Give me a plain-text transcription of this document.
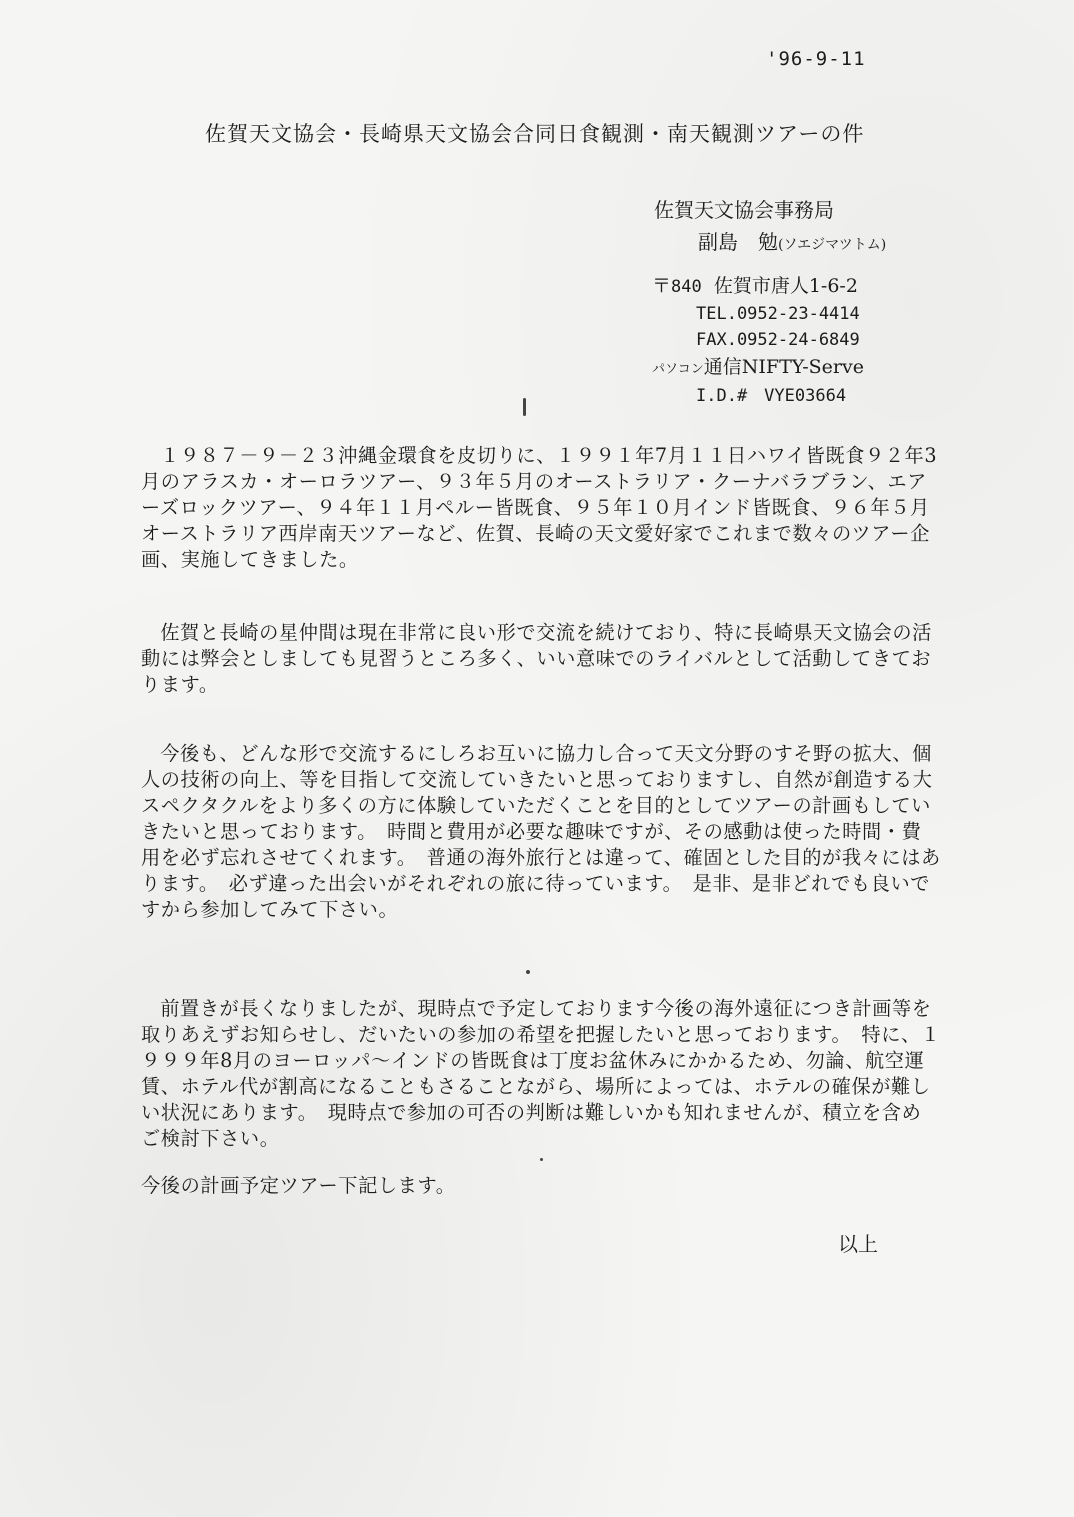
'96-9-11
佐賀天文協会・長崎県天文協会合同日食観測・南天観測ツアーの件
佐賀天文協会事務局
副島　勉(ソエジマツトム)
〒840 佐賀市唐人1-6-2
TEL.0952-23-4414
FAX.0952-24-6849
パソコン通信NIFTY-Serve
I.D.#　VYE03664

１９８７－９－２３沖縄金環食を皮切りに、１９９１年7月１１日ハワイ皆既食９２年3月のアラスカ・オーロラツアー、９３年５月のオーストラリア・クーナバラブラン、エアーズロックツアー、９４年１１月ペルー皆既食、９５年１０月インド皆既食、９６年５月オーストラリア西岸南天ツアーなど、佐賀、長崎の天文愛好家でこれまで数々のツアー企画、実施してきました。

佐賀と長崎の星仲間は現在非常に良い形で交流を続けており、特に長崎県天文協会の活動には弊会としましても見習うところ多く、いい意味でのライバルとして活動してきております。

今後も、どんな形で交流するにしろお互いに協力し合って天文分野のすそ野の拡大、個人の技術の向上、等を目指して交流していきたいと思っておりますし、自然が創造する大スペクタクルをより多くの方に体験していただくことを目的としてツアーの計画もしていきたいと思っております。　時間と費用が必要な趣味ですが、その感動は使った時間・費用を必ず忘れさせてくれます。　普通の海外旅行とは違って、確固とした目的が我々にはあります。　必ず違った出会いがそれぞれの旅に待っています。　是非、是非どれでも良いですから参加してみて下さい。

前置きが長くなりましたが、現時点で予定しております今後の海外遠征につき計画等を取りあえずお知らせし、だいたいの参加の希望を把握したいと思っております。　特に、１９９９年8月のヨーロッパ～インドの皆既食は丁度お盆休みにかかるため、勿論、航空運賃、ホテル代が割高になることもさることながら、場所によっては、ホテルの確保が難しい状況にあります。　現時点で参加の可否の判断は難しいかも知れませんが、積立を含めご検討下さい。

今後の計画予定ツアー下記します。

以上
